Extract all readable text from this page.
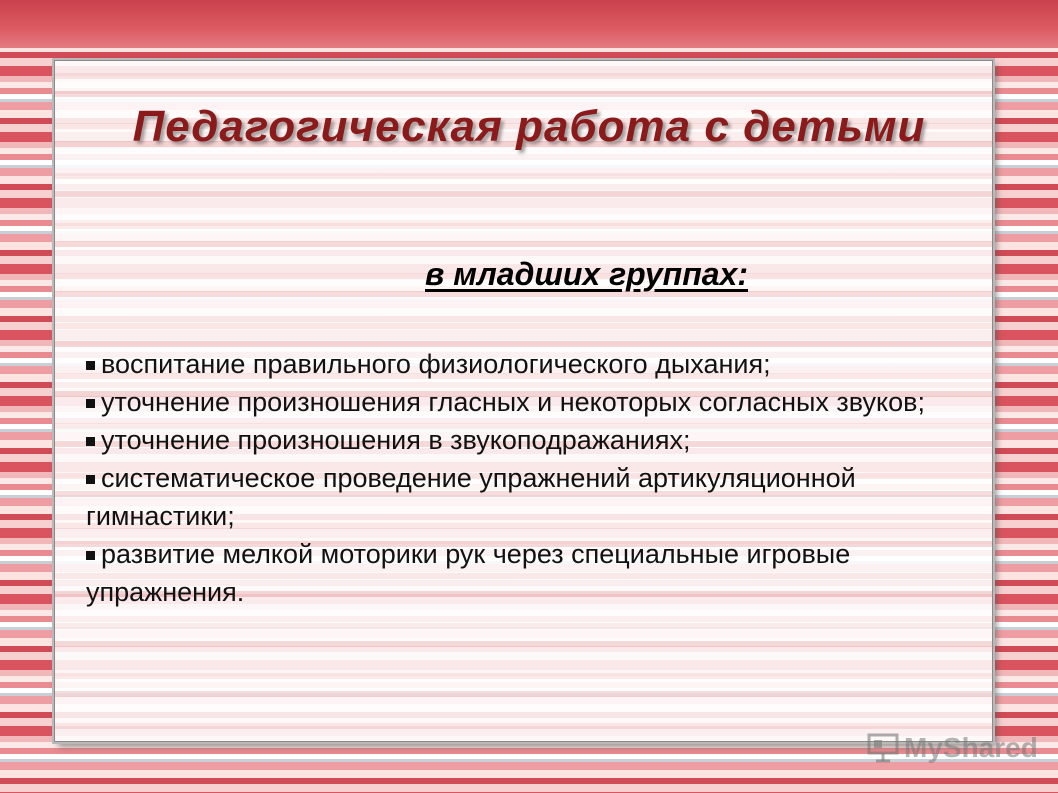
Педагогическая работа с детьми
в младших группах:
воспитание правильного физиологического дыхания;
уточнение произношения гласных и некоторых согласных звуков;
уточнение произношения в звукоподражаниях;
систематическое проведение упражнений артикуляционной гимнастики;
развитие мелкой моторики рук через специальные игровые упражнения.
MyShared
